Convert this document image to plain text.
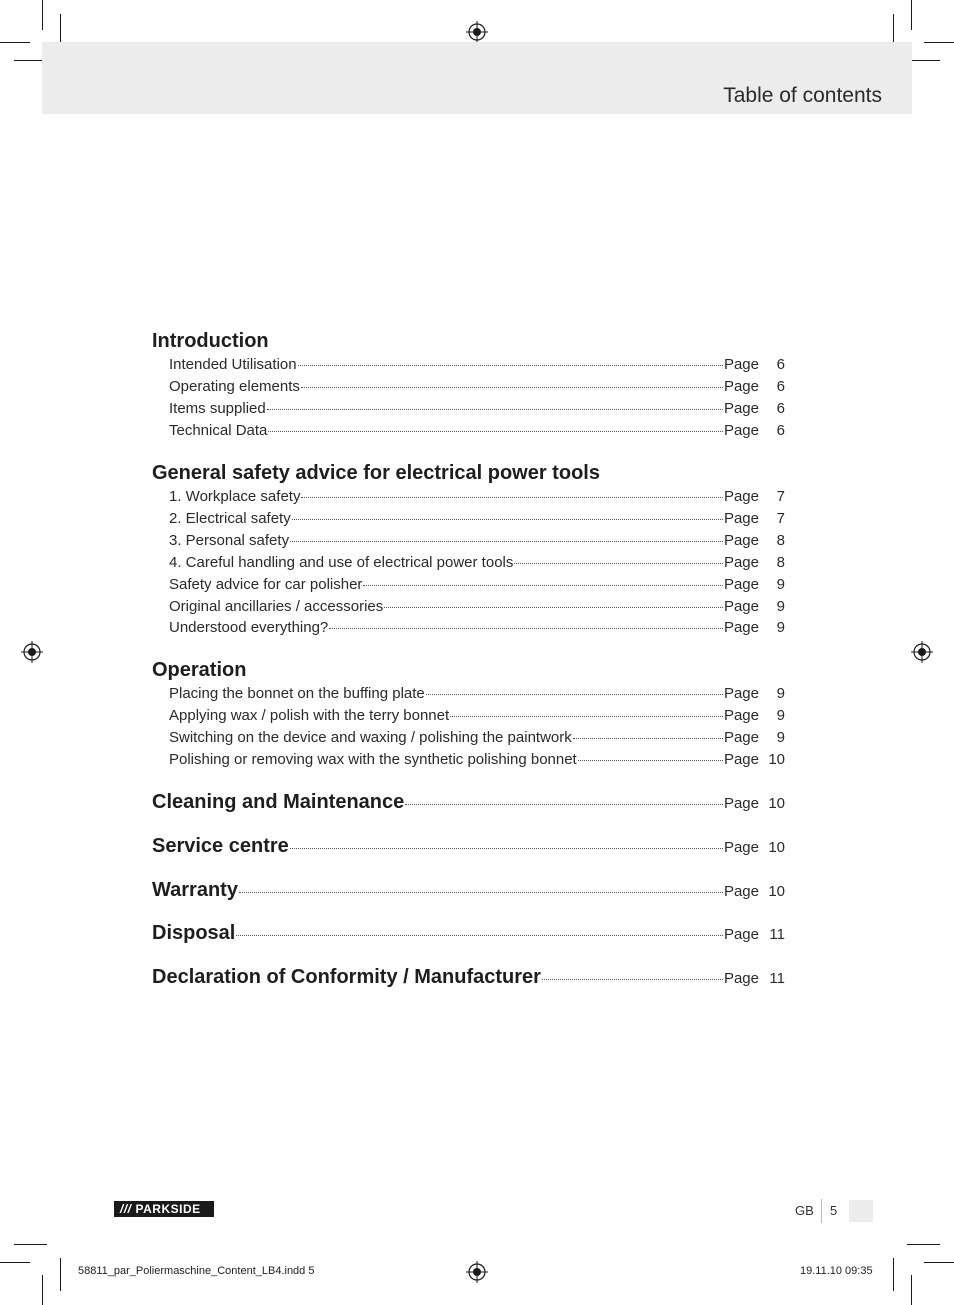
Table of contents
Introduction
Intended Utilisation	Page	6
Operating elements	Page	6
Items supplied	Page	6
Technical Data	Page	6
General safety advice for electrical power tools
1. Workplace safety	Page	7
2. Electrical safety	Page	7
3. Personal safety	Page	8
4. Careful handling and use of electrical power tools	Page	8
Safety advice for car polisher	Page	9
Original ancillaries / accessories	Page	9
Understood everything?	Page	9
Operation
Placing the bonnet on the buffing plate	Page	9
Applying wax / polish with the terry bonnet	Page	9
Switching on the device and waxing / polishing the paintwork	Page	9
Polishing or removing wax with the synthetic polishing bonnet	Page 10
Cleaning and Maintenance	Page 10
Service centre	Page 10
Warranty	Page 10
Disposal	Page 11
Declaration of Conformity / Manufacturer	Page 11
/// PARKSIDE	GB 5
58811_par_Poliermaschine_Content_LB4.indd 5	19.11.10 09:35
